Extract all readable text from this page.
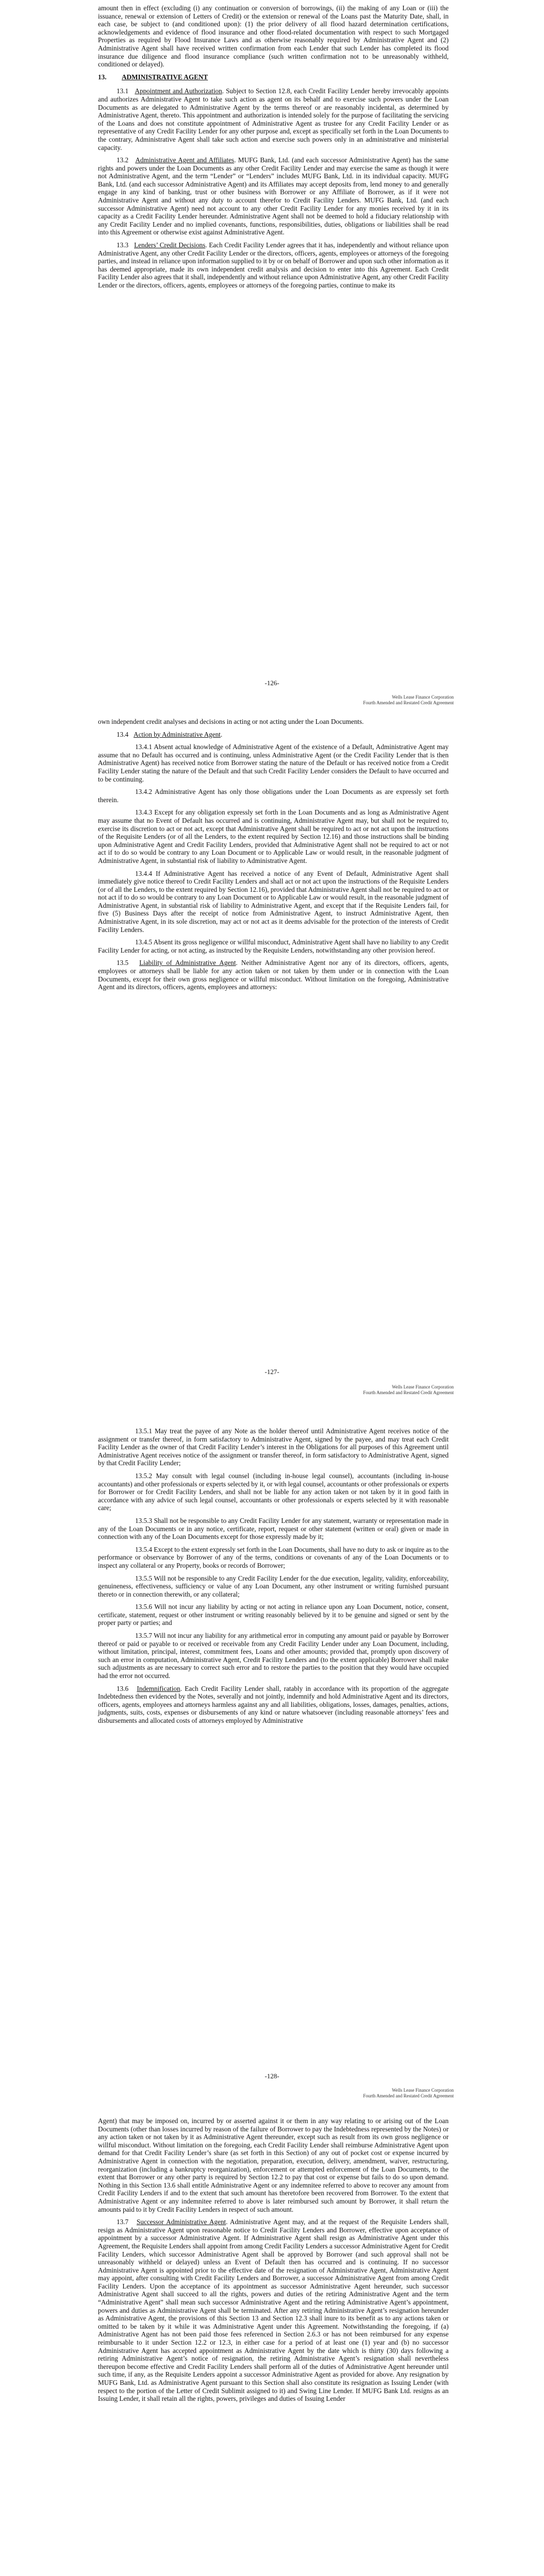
amount then in effect (excluding (i) any continuation or conversion of borrowings, (ii) the making of any Loan or (iii) the issuance, renewal or extension of Letters of Credit) or the extension or renewal of the Loans past the Maturity Date, shall, in each case, be subject to (and conditioned upon): (1) the prior delivery of all flood hazard determination certifications, acknowledgements and evidence of flood insurance and other flood-related documentation with respect to such Mortgaged Properties as required by Flood Insurance Laws and as otherwise reasonably required by Administrative Agent and (2) Administrative Agent shall have received written confirmation from each Lender that such Lender has completed its flood insurance due diligence and flood insurance compliance (such written confirmation not to be unreasonably withheld, conditioned or delayed).

13. ADMINISTRATIVE AGENT

13.1 Appointment and Authorization. Subject to Section 12.8, each Credit Facility Lender hereby irrevocably appoints and authorizes Administrative Agent to take such action as agent on its behalf and to exercise such powers under the Loan Documents as are delegated to Administrative Agent by the terms thereof or are reasonably incidental, as determined by Administrative Agent, thereto. This appointment and authorization is intended solely for the purpose of facilitating the servicing of the Loans and does not constitute appointment of Administrative Agent as trustee for any Credit Facility Lender or as representative of any Credit Facility Lender for any other purpose and, except as specifically set forth in the Loan Documents to the contrary, Administrative Agent shall take such action and exercise such powers only in an administrative and ministerial capacity.

13.2 Administrative Agent and Affiliates. MUFG Bank, Ltd. (and each successor Administrative Agent) has the same rights and powers under the Loan Documents as any other Credit Facility Lender and may exercise the same as though it were not Administrative Agent, and the term “Lender” or “Lenders” includes MUFG Bank, Ltd. in its individual capacity. MUFG Bank, Ltd. (and each successor Administrative Agent) and its Affiliates may accept deposits from, lend money to and generally engage in any kind of banking, trust or other business with Borrower or any Affiliate of Borrower, as if it were not Administrative Agent and without any duty to account therefor to Credit Facility Lenders. MUFG Bank, Ltd. (and each successor Administrative Agent) need not account to any other Credit Facility Lender for any monies received by it in its capacity as a Credit Facility Lender hereunder. Administrative Agent shall not be deemed to hold a fiduciary relationship with any Credit Facility Lender and no implied covenants, functions, responsibilities, duties, obligations or liabilities shall be read into this Agreement or otherwise exist against Administrative Agent.

13.3 Lenders’ Credit Decisions. Each Credit Facility Lender agrees that it has, independently and without reliance upon Administrative Agent, any other Credit Facility Lender or the directors, officers, agents, employees or attorneys of the foregoing parties, and instead in reliance upon information supplied to it by or on behalf of Borrower and upon such other information as it has deemed appropriate, made its own independent credit analysis and decision to enter into this Agreement. Each Credit Facility Lender also agrees that it shall, independently and without reliance upon Administrative Agent, any other Credit Facility Lender or the directors, officers, agents, employees or attorneys of the foregoing parties, continue to make its

-126-
Wells Lease Finance Corporation
Fourth Amended and Restated Credit Agreement

own independent credit analyses and decisions in acting or not acting under the Loan Documents.

13.4 Action by Administrative Agent.

13.4.1 Absent actual knowledge of Administrative Agent of the existence of a Default, Administrative Agent may assume that no Default has occurred and is continuing, unless Administrative Agent (or the Credit Facility Lender that is then Administrative Agent) has received notice from Borrower stating the nature of the Default or has received notice from a Credit Facility Lender stating the nature of the Default and that such Credit Facility Lender considers the Default to have occurred and to be continuing.

13.4.2 Administrative Agent has only those obligations under the Loan Documents as are expressly set forth therein.

13.4.3 Except for any obligation expressly set forth in the Loan Documents and as long as Administrative Agent may assume that no Event of Default has occurred and is continuing, Administrative Agent may, but shall not be required to, exercise its discretion to act or not act, except that Administrative Agent shall be required to act or not act upon the instructions of the Requisite Lenders (or of all the Lenders, to the extent required by Section 12.16) and those instructions shall be binding upon Administrative Agent and Credit Facility Lenders, provided that Administrative Agent shall not be required to act or not act if to do so would be contrary to any Loan Document or to Applicable Law or would result, in the reasonable judgment of Administrative Agent, in substantial risk of liability to Administrative Agent.

13.4.4 If Administrative Agent has received a notice of any Event of Default, Administrative Agent shall immediately give notice thereof to Credit Facility Lenders and shall act or not act upon the instructions of the Requisite Lenders (or of all the Lenders, to the extent required by Section 12.16), provided that Administrative Agent shall not be required to act or not act if to do so would be contrary to any Loan Document or to Applicable Law or would result, in the reasonable judgment of Administrative Agent, in substantial risk of liability to Administrative Agent, and except that if the Requisite Lenders fail, for five (5) Business Days after the receipt of notice from Administrative Agent, to instruct Administrative Agent, then Administrative Agent, in its sole discretion, may act or not act as it deems advisable for the protection of the interests of Credit Facility Lenders.

13.4.5 Absent its gross negligence or willful misconduct, Administrative Agent shall have no liability to any Credit Facility Lender for acting, or not acting, as instructed by the Requisite Lenders, notwithstanding any other provision hereof.

13.5 Liability of Administrative Agent. Neither Administrative Agent nor any of its directors, officers, agents, employees or attorneys shall be liable for any action taken or not taken by them under or in connection with the Loan Documents, except for their own gross negligence or willful misconduct. Without limitation on the foregoing, Administrative Agent and its directors, officers, agents, employees and attorneys:

-127-
Wells Lease Finance Corporation
Fourth Amended and Restated Credit Agreement

13.5.1 May treat the payee of any Note as the holder thereof until Administrative Agent receives notice of the assignment or transfer thereof, in form satisfactory to Administrative Agent, signed by the payee, and may treat each Credit Facility Lender as the owner of that Credit Facility Lender’s interest in the Obligations for all purposes of this Agreement until Administrative Agent receives notice of the assignment or transfer thereof, in form satisfactory to Administrative Agent, signed by that Credit Facility Lender;

13.5.2 May consult with legal counsel (including in-house legal counsel), accountants (including in-house accountants) and other professionals or experts selected by it, or with legal counsel, accountants or other professionals or experts for Borrower or for Credit Facility Lenders, and shall not be liable for any action taken or not taken by it in good faith in accordance with any advice of such legal counsel, accountants or other professionals or experts selected by it with reasonable care;

13.5.3 Shall not be responsible to any Credit Facility Lender for any statement, warranty or representation made in any of the Loan Documents or in any notice, certificate, report, request or other statement (written or oral) given or made in connection with any of the Loan Documents except for those expressly made by it;

13.5.4 Except to the extent expressly set forth in the Loan Documents, shall have no duty to ask or inquire as to the performance or observance by Borrower of any of the terms, conditions or covenants of any of the Loan Documents or to inspect any collateral or any Property, books or records of Borrower;

13.5.5 Will not be responsible to any Credit Facility Lender for the due execution, legality, validity, enforceability, genuineness, effectiveness, sufficiency or value of any Loan Document, any other instrument or writing furnished pursuant thereto or in connection therewith, or any collateral;

13.5.6 Will not incur any liability by acting or not acting in reliance upon any Loan Document, notice, consent, certificate, statement, request or other instrument or writing reasonably believed by it to be genuine and signed or sent by the proper party or parties; and

13.5.7 Will not incur any liability for any arithmetical error in computing any amount paid or payable by Borrower thereof or paid or payable to or received or receivable from any Credit Facility Lender under any Loan Document, including, without limitation, principal, interest, commitment fees, Loans and other amounts; provided that, promptly upon discovery of such an error in computation, Administrative Agent, Credit Facility Lenders and (to the extent applicable) Borrower shall make such adjustments as are necessary to correct such error and to restore the parties to the position that they would have occupied had the error not occurred.

13.6 Indemnification. Each Credit Facility Lender shall, ratably in accordance with its proportion of the aggregate Indebtedness then evidenced by the Notes, severally and not jointly, indemnify and hold Administrative Agent and its directors, officers, agents, employees and attorneys harmless against any and all liabilities, obligations, losses, damages, penalties, actions, judgments, suits, costs, expenses or disbursements of any kind or nature whatsoever (including reasonable attorneys’ fees and disbursements and allocated costs of attorneys employed by Administrative

-128-
Wells Lease Finance Corporation
Fourth Amended and Restated Credit Agreement

Agent) that may be imposed on, incurred by or asserted against it or them in any way relating to or arising out of the Loan Documents (other than losses incurred by reason of the failure of Borrower to pay the Indebtedness represented by the Notes) or any action taken or not taken by it as Administrative Agent thereunder, except such as result from its own gross negligence or willful misconduct. Without limitation on the foregoing, each Credit Facility Lender shall reimburse Administrative Agent upon demand for that Credit Facility Lender’s share (as set forth in this Section) of any out of pocket cost or expense incurred by Administrative Agent in connection with the negotiation, preparation, execution, delivery, amendment, waiver, restructuring, reorganization (including a bankruptcy reorganization), enforcement or attempted enforcement of the Loan Documents, to the extent that Borrower or any other party is required by Section 12.2 to pay that cost or expense but fails to do so upon demand. Nothing in this Section 13.6 shall entitle Administrative Agent or any indemnitee referred to above to recover any amount from Credit Facility Lenders if and to the extent that such amount has theretofore been recovered from Borrower. To the extent that Administrative Agent or any indemnitee referred to above is later reimbursed such amount by Borrower, it shall return the amounts paid to it by Credit Facility Lenders in respect of such amount.

13.7 Successor Administrative Agent. Administrative Agent may, and at the request of the Requisite Lenders shall, resign as Administrative Agent upon reasonable notice to Credit Facility Lenders and Borrower, effective upon acceptance of appointment by a successor Administrative Agent. If Administrative Agent shall resign as Administrative Agent under this Agreement, the Requisite Lenders shall appoint from among Credit Facility Lenders a successor Administrative Agent for Credit Facility Lenders, which successor Administrative Agent shall be approved by Borrower (and such approval shall not be unreasonably withheld or delayed) unless an Event of Default then has occurred and is continuing. If no successor Administrative Agent is appointed prior to the effective date of the resignation of Administrative Agent, Administrative Agent may appoint, after consulting with Credit Facility Lenders and Borrower, a successor Administrative Agent from among Credit Facility Lenders. Upon the acceptance of its appointment as successor Administrative Agent hereunder, such successor Administrative Agent shall succeed to all the rights, powers and duties of the retiring Administrative Agent and the term “Administrative Agent” shall mean such successor Administrative Agent and the retiring Administrative Agent’s appointment, powers and duties as Administrative Agent shall be terminated. After any retiring Administrative Agent’s resignation hereunder as Administrative Agent, the provisions of this Section 13 and Section 12.3 shall inure to its benefit as to any actions taken or omitted to be taken by it while it was Administrative Agent under this Agreement. Notwithstanding the foregoing, if (a) Administrative Agent has not been paid those fees referenced in Section 2.6.3 or has not been reimbursed for any expense reimbursable to it under Section 12.2 or 12.3, in either case for a period of at least one (1) year and (b) no successor Administrative Agent has accepted appointment as Administrative Agent by the date which is thirty (30) days following a retiring Administrative Agent’s notice of resignation, the retiring Administrative Agent’s resignation shall nevertheless thereupon become effective and Credit Facility Lenders shall perform all of the duties of Administrative Agent hereunder until such time, if any, as the Requisite Lenders appoint a successor Administrative Agent as provided for above. Any resignation by MUFG Bank, Ltd. as Administrative Agent pursuant to this Section shall also constitute its resignation as Issuing Lender (with respect to the portion of the Letter of Credit Sublimit assigned to it) and Swing Line Lender. If MUFG Bank Ltd. resigns as an Issuing Lender, it shall retain all the rights, powers, privileges and duties of Issuing Lender
